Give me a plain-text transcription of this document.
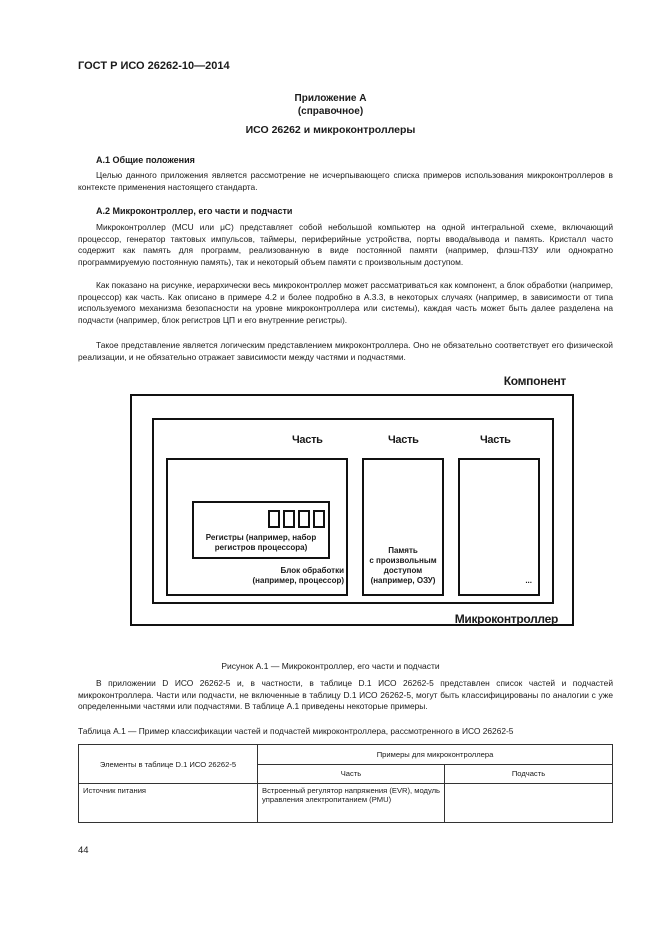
ГОСТ Р ИСО 26262-10—2014
Приложение А
(справочное)
ИСО 26262 и микроконтроллеры
А.1 Общие положения
Целью данного приложения является рассмотрение не исчерпывающего списка примеров использования микроконтроллеров в контексте применения настоящего стандарта.
А.2 Микроконтроллер, его части и подчасти
Микроконтроллер (MCU или μC) представляет собой небольшой компьютер на одной интегральной схеме, включающий процессор, генератор тактовых импульсов, таймеры, периферийные устройства, порты ввода/вывода и память. Кристалл часто содержит как память для программ, реализованную в виде постоянной памяти (например, флэш-ПЗУ или однократно программируемую постоянную память), так и некоторый объем памяти с произвольным доступом.
Как показано на рисунке, иерархически весь микроконтроллер может рассматриваться как компонент, а блок обработки (например, процессор) как часть. Как описано в примере 4.2 и более подробно в А.3.3, в некоторых случаях (например, в зависимости от типа используемого механизма безопасности на уровне микроконтроллера или системы), каждая часть может быть далее разделена на подчасти (например, блок регистров ЦП и его внутренние регистры).
Такое представление является логическим представлением микроконтроллера. Оно не обязательно соответствует его физической реализации, и не обязательно отражает зависимости между частями и подчастями.
Компонент
Часть	Часть	Часть
Регистры (например, набор регистров процессора)
Блок обработки
(например, процессор)
Память
с произвольным
доступом
(например, ОЗУ)	...
Микроконтроллер
Рисунок А.1 — Микроконтроллер, его части и подчасти
В приложении D ИСО 26262-5 и, в частности, в таблице D.1 ИСО 26262-5 представлен список частей и подчастей микроконтроллера. Части или подчасти, не включенные в таблицу D.1 ИСО 26262-5, могут быть классифицированы по аналогии с уже определенными частями или подчастями. В таблице А.1 приведены некоторые примеры.
Таблица А.1 — Пример классификации частей и подчастей микроконтроллера, рассмотренного в ИСО 26262-5
Элементы в таблице D.1 ИСО 26262-5	Примеры для микроконтроллера	
	Часть	Подчасть
Источник питания	Встроенный регулятор напряжения (EVR), модуль управления электропитанием (PMU)	
44
